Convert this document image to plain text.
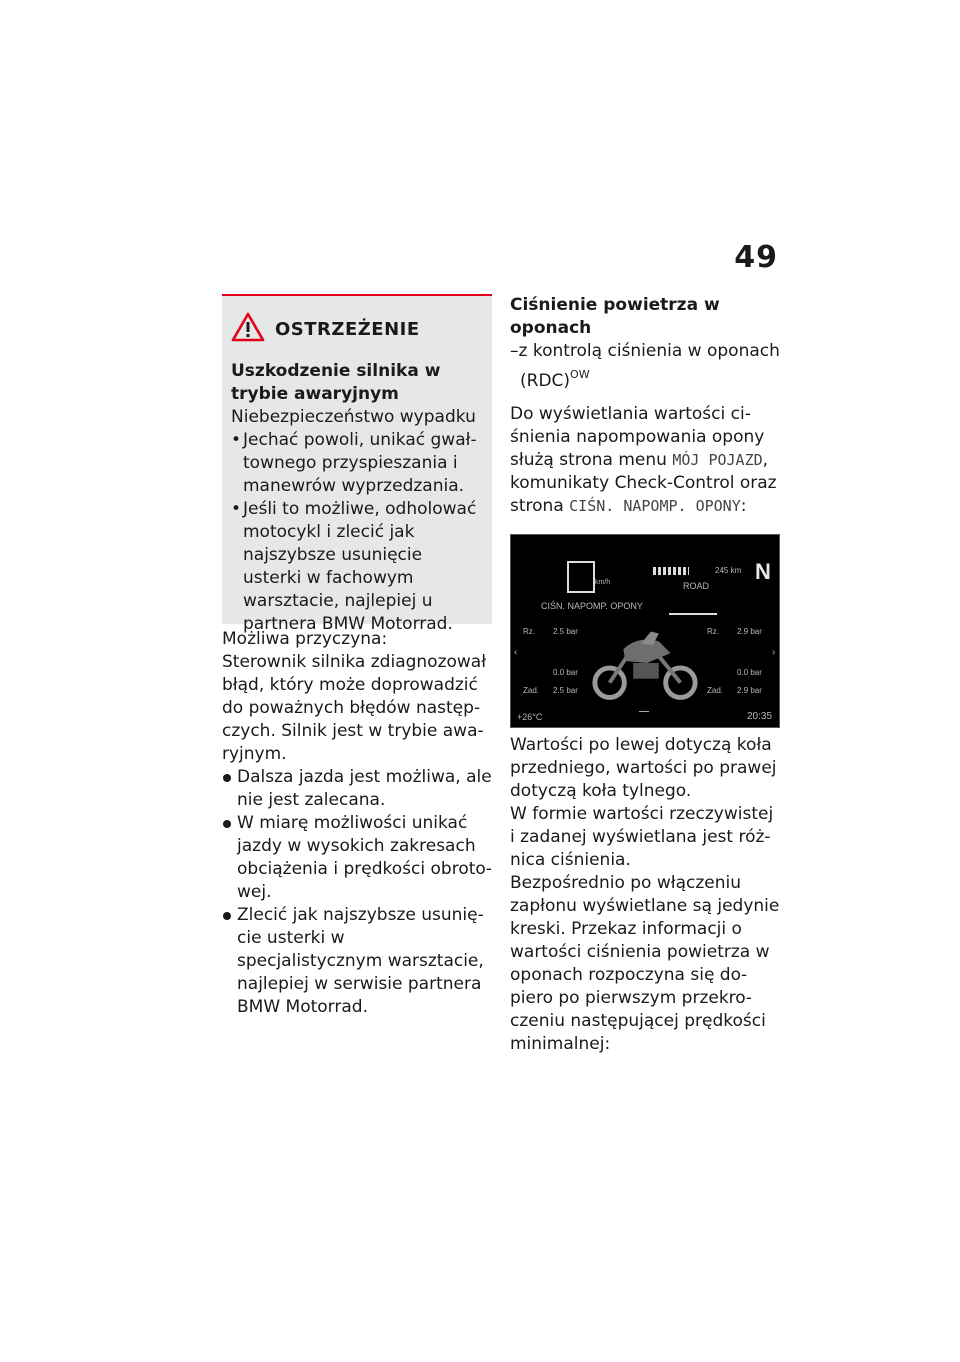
49
OSTRZEŻENIE

Uszkodzenie silnika w trybie awaryjnym

Niebezpieczeństwo wypadku

• Jechać powoli, unikać gwałtownego przyspieszania i manewrów wyprzedzania.

• Jeśli to możliwe, odholować motocykl i zlecić jak najszybsze usunięcie usterki w fachowym warsztacie, najlepiej u partnera BMW Motorrad.

Możliwa przyczyna:

Sterownik silnika zdiagnozował błąd, który może doprowadzić do poważnych błędów następczych. Silnik jest w trybie awaryjnym.

Dalsza jazda jest możliwa, ale nie jest zalecana.

W miarę możliwości unikać jazdy w wysokich zakresach obciążenia i prędkości obrotowej.

Zlecić jak najszybsze usunięcie usterki w specjalistycznym warsztacie, najlepiej w serwisie partnera BMW Motorrad.

Ciśnienie powietrza w oponach

–z kontrolą ciśnienia w oponach (RDC)$^{OW}$

Do wyświetlania wartości ciśnienia napompowania opony służą strona menu MÓJ POJAZD, komunikaty Check-Control oraz strona CIŚN. NAPOMP. OPONY:

km/h
245 km
ROAD
N
CIŚN. NAPOMP. OPONY
Rz. 2.5 bar	Rz. 2.9 bar
0.0 bar	0.0 bar
Zad. 2.5 bar	Zad. 2.9 bar
‹	›
+26°C	20:35

Wartości po lewej dotyczą koła przedniego, wartości po prawej dotyczą koła tylnego.

W formie wartości rzeczywistej i zadanej wyświetlana jest różnica ciśnienia.

Bezpośrednio po włączeniu zapłonu wyświetlane są jedynie kreski. Przekaz informacji o wartości ciśnienia powietrza w oponach rozpoczyna się dopiero po pierwszym przekroczeniu następującej prędkości minimalnej:
